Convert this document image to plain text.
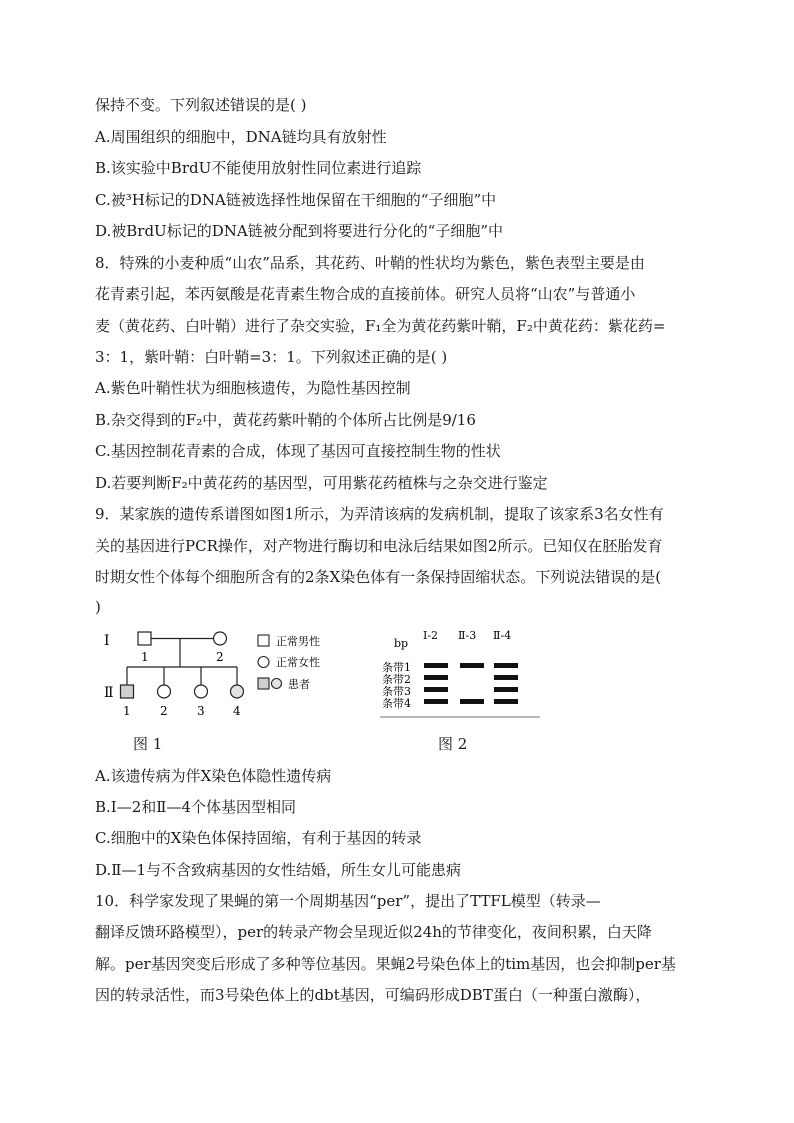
保持不变。下列叙述错误的是( )
A.周围组织的细胞中，DNA链均具有放射性
B.该实验中BrdU不能使用放射性同位素进行追踪
C.被³H标记的DNA链被选择性地保留在干细胞的“子细胞”中
D.被BrdU标记的DNA链被分配到将要进行分化的“子细胞”中
8．特殊的小麦种质“山农”品系，其花药、叶鞘的性状均为紫色，紫色表型主要是由
花青素引起，苯丙氨酸是花青素生物合成的直接前体。研究人员将“山农”与普通小
麦（黄花药、白叶鞘）进行了杂交实验，F₁全为黄花药紫叶鞘，F₂中黄花药：紫花药=
3：1，紫叶鞘：白叶鞘=3：1。下列叙述正确的是( )
A.紫色叶鞘性状为细胞核遗传，为隐性基因控制
B.杂交得到的F₂中，黄花药紫叶鞘的个体所占比例是9/16
C.基因控制花青素的合成，体现了基因可直接控制生物的性状
D.若要判断F₂中黄花药的基因型，可用紫花药植株与之杂交进行鉴定
9．某家族的遗传系谱图如图1所示，为弄清该病的发病机制，提取了该家系3名女性有
关的基因进行PCR操作，对产物进行酶切和电泳后结果如图2所示。已知仅在胚胎发育
时期女性个体每个细胞所含有的2条X染色体有一条保持固缩状态。下列说法错误的是(
)
A.该遗传病为伴X染色体隐性遗传病
B.Ⅰ—2和Ⅱ—4个体基因型相同
C.细胞中的X染色体保持固缩，有利于基因的转录
D.Ⅱ—1与不含致病基因的女性结婚，所生女儿可能患病
10．科学家发现了果蝇的第一个周期基因“per”，提出了TTFL模型（转录—
翻译反馈环路模型），per的转录产物会呈现近似24h的节律变化，夜间积累，白天降
解。per基因突变后形成了多种等位基因。果蝇2号染色体上的tim基因，也会抑制per基
因的转录活性，而3号染色体上的dbt基因，可编码形成DBT蛋白（一种蛋白激酶），
Ⅰ
1	2
Ⅱ
1 2 3 4
正常男性
正常女性
患者
图 1
bp
Ⅰ-2 Ⅱ-3 Ⅱ-4
条带1
条带2
条带3
条带4
图 2
